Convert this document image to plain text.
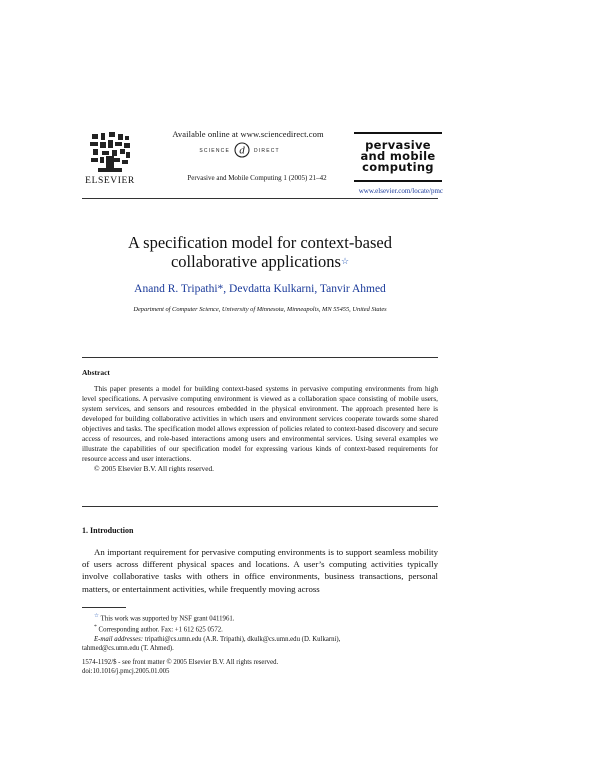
ELSEVIER
Available online at www.sciencedirect.com
SCIENCE d DIRECT
Pervasive and Mobile Computing 1 (2005) 21–42
pervasive
and mobile
computing
www.elsevier.com/locate/pmc
A specification model for context-based
collaborative applications☆
Anand R. Tripathi*, Devdatta Kulkarni, Tanvir Ahmed
Department of Computer Science, University of Minnesota, Minneapolis, MN 55455, United States
Abstract

This paper presents a model for building context-based systems in pervasive computing environments from high level specifications. A pervasive computing environment is viewed as a collaboration space consisting of mobile users, system services, and sensors and resources embedded in the physical environment. The approach presented here is developed for building collaborative activities in which users and environment services cooperate towards some shared objectives and tasks. The specification model allows expression of policies related to context-based discovery and secure access of resources, and role-based interactions among users and environmental services. Using several examples we illustrate the capabilities of our specification model for expressing various kinds of context-based requirements for resource access and user interactions.

© 2005 Elsevier B.V. All rights reserved.

1. Introduction

An important requirement for pervasive computing environments is to support seamless mobility of users across different physical spaces and locations. A user’s computing activities typically involve collaborative tasks with others in office environments, business transactions, personal matters, or entertainment activities, while frequently moving across

☆ This work was supported by NSF grant 0411961.
* Corresponding author. Fax: +1 612 625 0572.
E-mail addresses: tripathi@cs.umn.edu (A.R. Tripathi), dkulk@cs.umn.edu (D. Kulkarni),
tahmed@cs.umn.edu (T. Ahmed).
1574-1192/$ - see front matter © 2005 Elsevier B.V. All rights reserved.
doi:10.1016/j.pmcj.2005.01.005
